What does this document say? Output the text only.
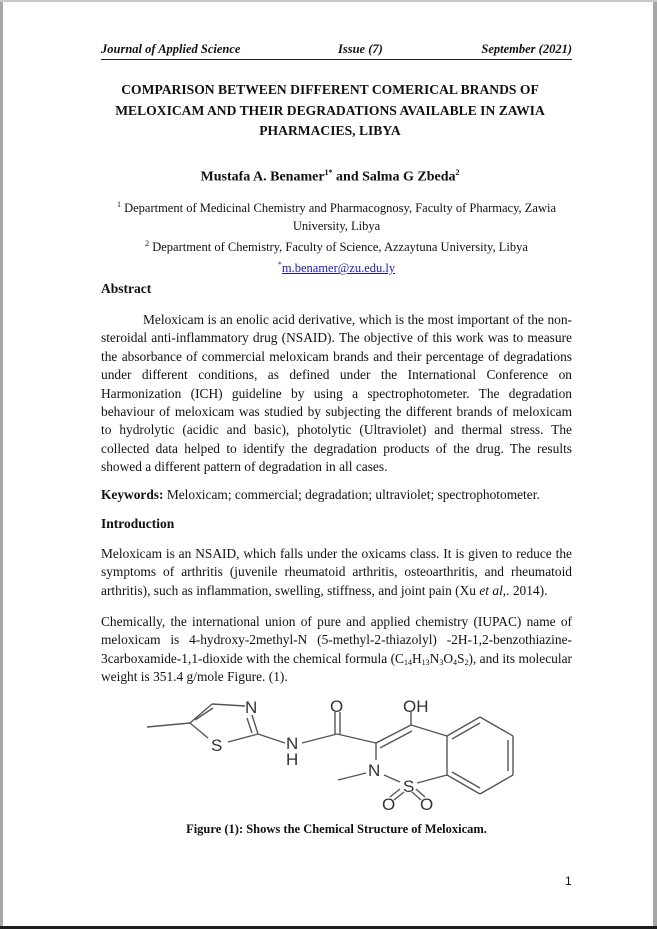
Journal of Applied Science	Issue (7)	September (2021)
COMPARISON BETWEEN DIFFERENT COMERICAL BRANDS OF
MELOXICAM AND THEIR DEGRADATIONS AVAILABLE IN ZAWIA
PHARMACIES, LIBYA
Mustafa A. Benamer$^{1*}$ and Salma G Zbeda$^2$
$^1$ Department of Medicinal Chemistry and Pharmacognosy, Faculty of Pharmacy, Zawia University, Libya
$^2$ Department of Chemistry, Faculty of Science, Azzaytuna University, Libya
*m.benamer@zu.edu.ly
Abstract
Meloxicam is an enolic acid derivative, which is the most important of the non-steroidal anti-inflammatory drug (NSAID). The objective of this work was to measure the absorbance of commercial meloxicam brands and their percentage of degradations under different conditions, as defined under the International Conference on Harmonization (ICH) guideline by using a spectrophotometer. The degradation behaviour of meloxicam was studied by subjecting the different brands of meloxicam to hydrolytic (acidic and basic), photolytic (Ultraviolet) and thermal stress. The collected data helped to identify the degradation products of the drug. The results showed a different pattern of degradation in all cases.
Keywords: Meloxicam; commercial; degradation; ultraviolet; spectrophotometer.
Introduction
Meloxicam is an NSAID, which falls under the oxicams class. It is given to reduce the symptoms of arthritis (juvenile rheumatoid arthritis, osteoarthritis, and rheumatoid arthritis), such as inflammation, swelling, stiffness, and joint pain (Xu et al,. 2014).
Chemically, the international union of pure and applied chemistry (IUPAC) name of meloxicam is 4-hydroxy-2methyl-N (5-methyl-2-thiazolyl) -2H-1,2-benzothiazine-3carboxamide-1,1-dioxide with the chemical formula $(C_{14}H_{13}N_3O_4S_2)$, and its molecular weight is 351.4 g/mole Figure. (1).
N
S	N
H
O	OH
N
S
O O
Figure (1): Shows the Chemical Structure of Meloxicam.
1
